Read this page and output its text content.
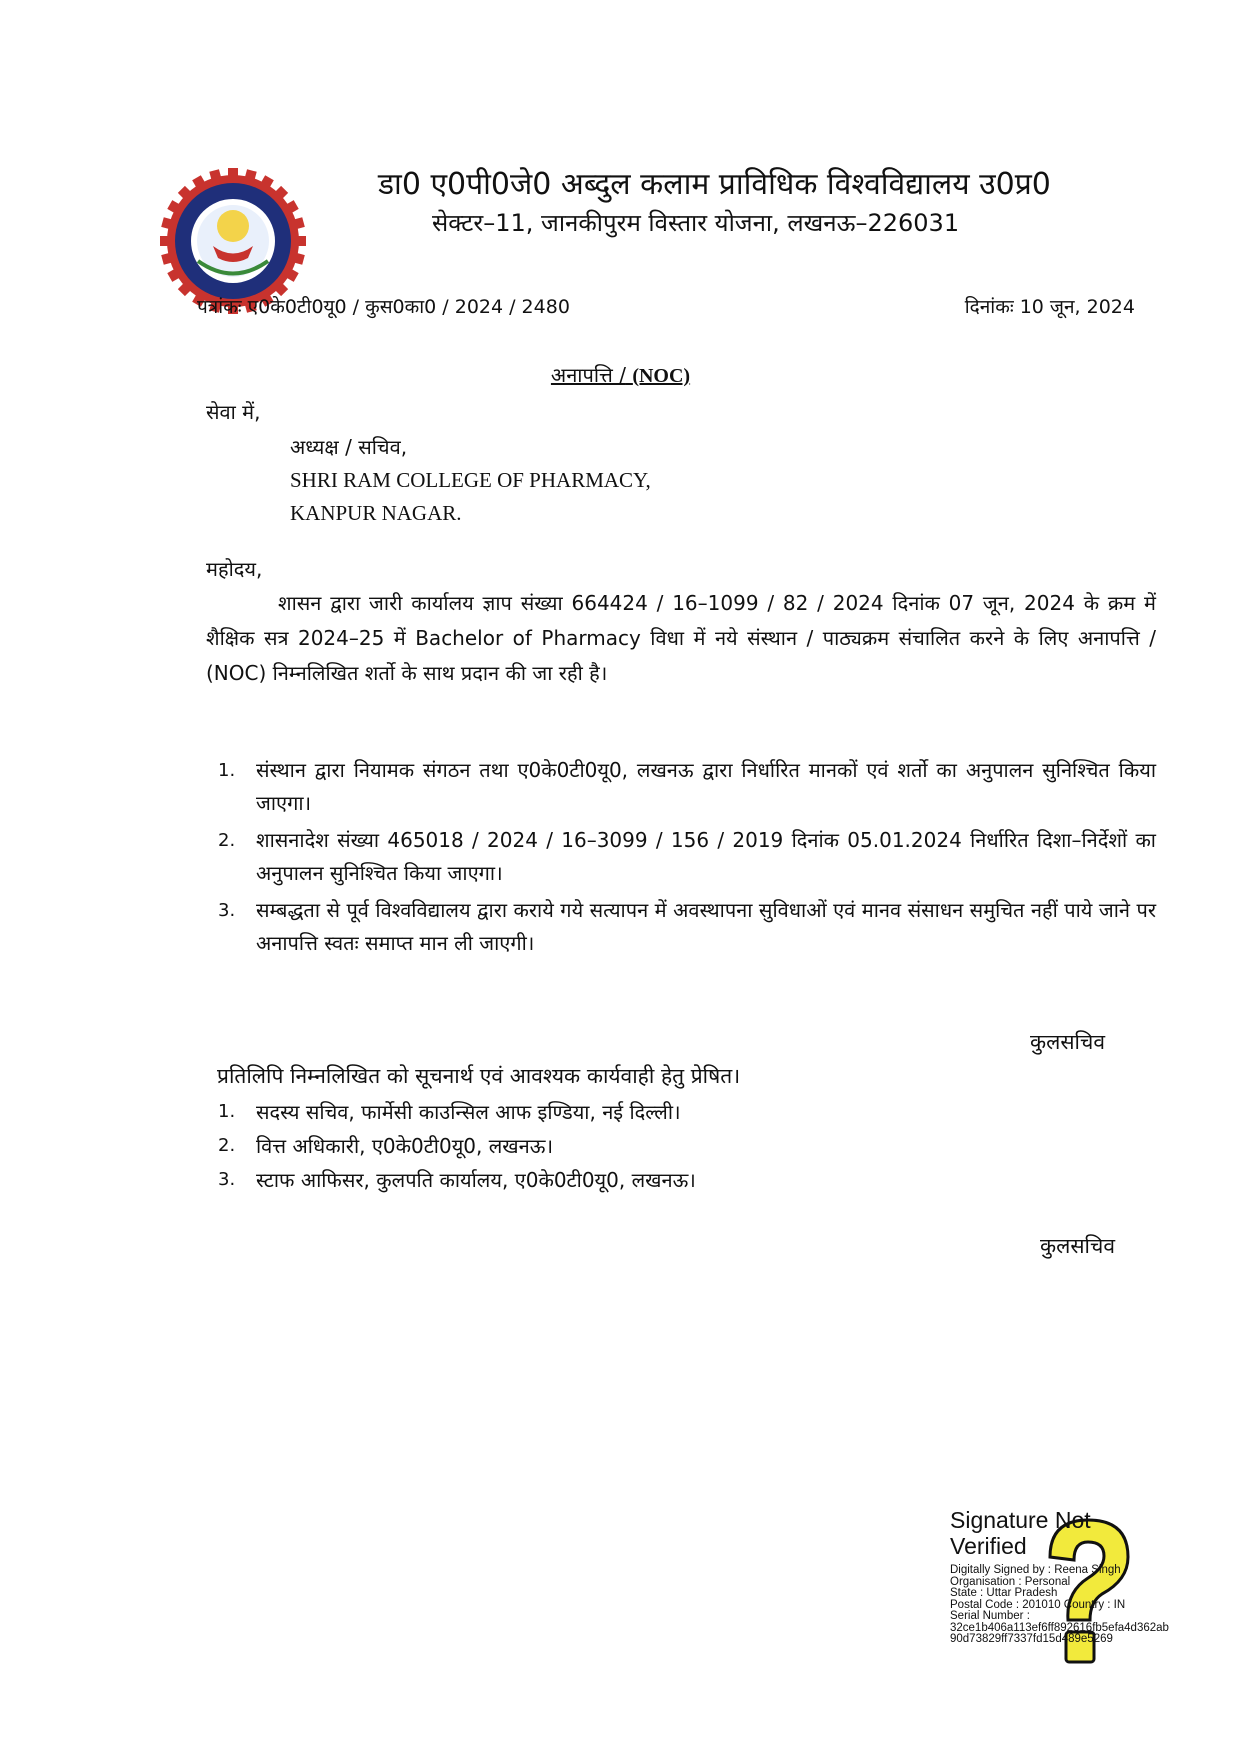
डा0 ए0पी0जे0 अब्दुल कलाम प्राविधिक विश्वविद्यालय उ0प्र0
सेक्टर–11, जानकीपुरम विस्तार योजना, लखनऊ–226031
पत्रांकः ए0के0टी0यू0 / कुस0का0 / 2024 / 2480	दिनांकः 10 जून, 2024
अनापत्ति / (NOC)
सेवा में,
अध्यक्ष / सचिव,
SHRI RAM COLLEGE OF PHARMACY,
KANPUR NAGAR.
महोदय,
शासन द्वारा जारी कार्यालय ज्ञाप संख्या 664424 / 16–1099 / 82 / 2024 दिनांक 07 जून, 2024 के क्रम में शैक्षिक सत्र 2024–25 में Bachelor of Pharmacy विधा में नये संस्थान / पाठ्यक्रम संचालित करने के लिए अनापत्ति / (NOC) निम्नलिखित शर्तो के साथ प्रदान की जा रही है।
1. संस्थान द्वारा नियामक संगठन तथा ए0के0टी0यू0, लखनऊ द्वारा निर्धारित मानकों एवं शर्तो का अनुपालन सुनिश्चित किया जाएगा।
2. शासनादेश संख्या 465018 / 2024 / 16–3099 / 156 / 2019 दिनांक 05.01.2024 निर्धारित दिशा–निर्देशों का अनुपालन सुनिश्चित किया जाएगा।
3. सम्बद्धता से पूर्व विश्वविद्यालय द्वारा कराये गये सत्यापन में अवस्थापना सुविधाओं एवं मानव संसाधन समुचित नहीं पाये जाने पर अनापत्ति स्वतः समाप्त मान ली जाएगी।
कुलसचिव
प्रतिलिपि निम्नलिखित को सूचनार्थ एवं आवश्यक कार्यवाही हेतु प्रेषित।
1. सदस्य सचिव, फार्मेसी काउन्सिल आफ इण्डिया, नई दिल्ली।
2. वित्त अधिकारी, ए0के0टी0यू0, लखनऊ।
3. स्टाफ आफिसर, कुलपति कार्यालय, ए0के0टी0यू0, लखनऊ।
कुलसचिव
Signature Not
Verified
Digitally Signed by : Reena Singh
Organisation : Personal
State : Uttar Pradesh
Postal Code : 201010 Country : IN
Serial Number :
32ce1b406a113ef6ff892616fb5efa4d362ab
90d73829ff7337fd15d489e5269
